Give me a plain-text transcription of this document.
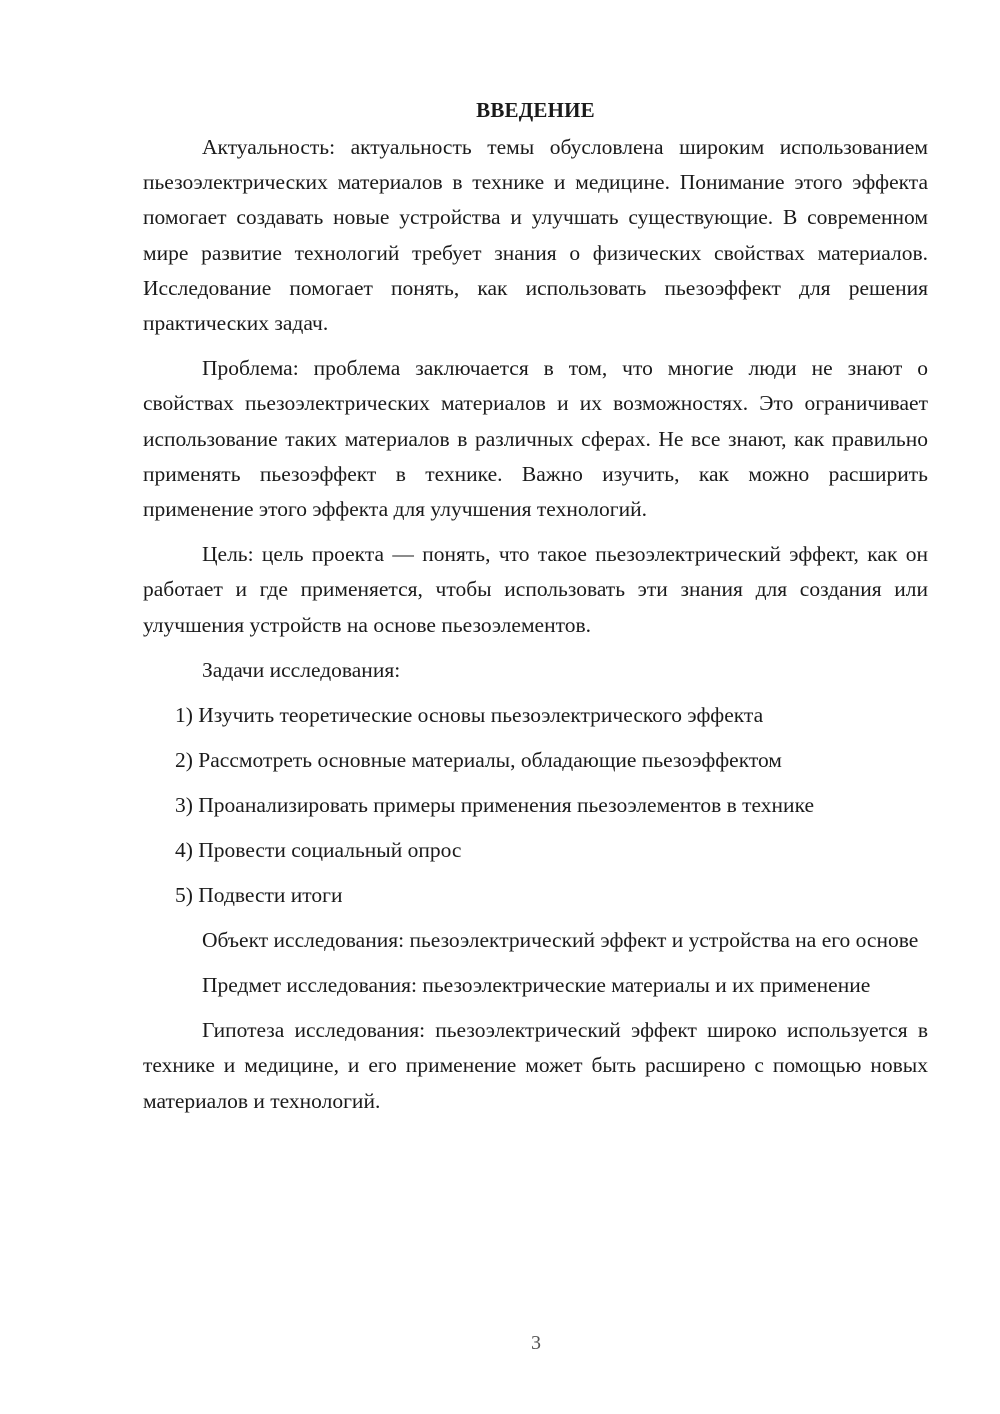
ВВЕДЕНИЕ

Актуальность: актуальность темы обусловлена широким использованием пьезоэлектрических материалов в технике и медицине. Понимание этого эффекта помогает создавать новые устройства и улучшать существующие. В современном мире развитие технологий требует знания о физических свойствах материалов. Исследование помогает понять, как использовать пьезоэффект для решения практических задач.

Проблема: проблема заключается в том, что многие люди не знают о свойствах пьезоэлектрических материалов и их возможностях. Это ограничивает использование таких материалов в различных сферах. Не все знают, как правильно применять пьезоэффект в технике. Важно изучить, как можно расширить применение этого эффекта для улучшения технологий.

Цель: цель проекта — понять, что такое пьезоэлектрический эффект, как он работает и где применяется, чтобы использовать эти знания для создания или улучшения устройств на основе пьезоэлементов.

Задачи исследования:

1) Изучить теоретические основы пьезоэлектрического эффекта
2) Рассмотреть основные материалы, обладающие пьезоэффектом
3) Проанализировать примеры применения пьезоэлементов в технике
4) Провести социальный опрос
5) Подвести итоги

Объект исследования: пьезоэлектрический эффект и устройства на его основе

Предмет исследования: пьезоэлектрические материалы и их применение

Гипотеза исследования: пьезоэлектрический эффект широко используется в технике и медицине, и его применение может быть расширено с помощью новых материалов и технологий.

3
